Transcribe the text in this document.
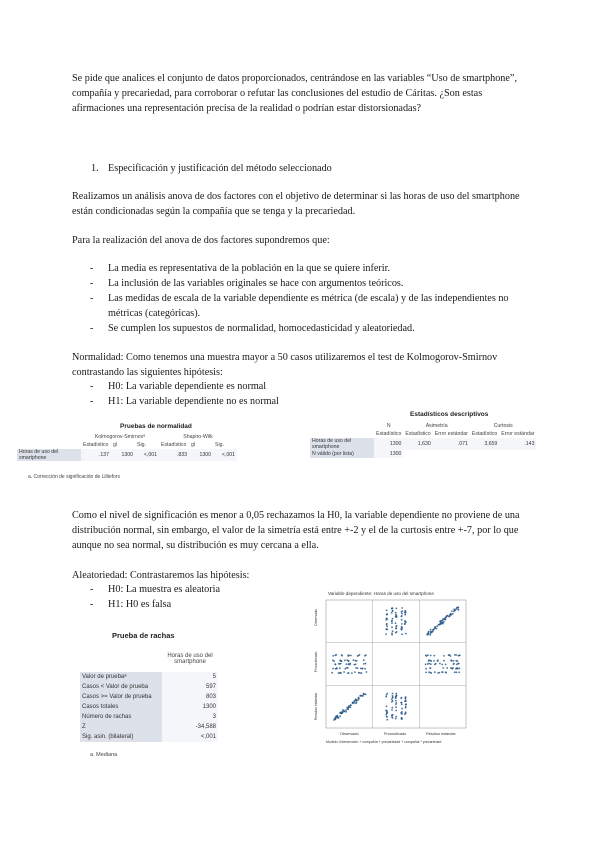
Se pide que analices el conjunto de datos proporcionados, centrándose en las variables “Uso de smartphone”, compañía y precariedad, para corroborar o refutar las conclusiones del estudio de Cáritas. ¿Son estas afirmaciones una representación precisa de la realidad o podrían estar distorsionadas?

1. Especificación y justificación del método seleccionado

Realizamos un análisis anova de dos factores con el objetivo de determinar si las horas de uso del smartphone están condicionadas según la compañía que se tenga y la precariedad.

Para la realización del anova de dos factores supondremos que:

- La media es representativa de la población en la que se quiere inferir.
- La inclusión de las variables originales se hace con argumentos teóricos.
- Las medidas de escala de la variable dependiente es métrica (de escala) y de las independientes no métricas (categóricas).
- Se cumplen los supuestos de normalidad, homocedasticidad y aleatoriedad.

Normalidad: Como tenemos una muestra mayor a 50 casos utilizaremos el test de Kolmogorov-Smirnov contrastando las siguientes hipótesis:

- H0: La variable dependiente es normal
- H1: La variable dependiente no es normal
Pruebas de normalidad
	Kolmogorov-Smirnovᵃ			Shapiro-Wilk		
	Estadístico	gl	Sig.	Estadístico	gl	Sig.
Horas de uso del smartphone	.137	1300	<,001	.833	1300	<,001
a. Corrección de significación de Lilliefors
Estadísticos descriptivos
	N	Asimetría		Curtosis	
	Estadístico	Estadístico	Error estándar	Estadístico	Error estándar
Horas de uso del smartphone	1300	1,630	.071	3,659	.143
N válido (por lista)	1300				

Como el nivel de significación es menor a 0,05 rechazamos la H0, la variable dependiente no proviene de una distribución normal, sin embargo, el valor de la simetría está entre +-2 y el de la curtosis entre +-7, por lo que aunque no sea normal, su distribución es muy cercana a ella.

Aleatoriedad: Contrastaremos las hipótesis:
- H0: La muestra es aleatoria
- H1: H0 es falsa
Prueba de rachas
	Horas de uso del smartphone
Valor de pruebaᵃ	5
Casos < Valor de prueba	597
Casos >= Valor de prueba	803
Casos totales	1300
Número de rachas	3
Z	-34,588
Sig. asin. (bilateral)	<,001
a. Mediana
Variable dependiente: Horas de uso del smartphone
Observado
Pronosticado
Residuo estándar
Observado	Pronosticado	Residuo estándar
Modelo: Intersección + compañía + precariedad + compañía * precariedad
